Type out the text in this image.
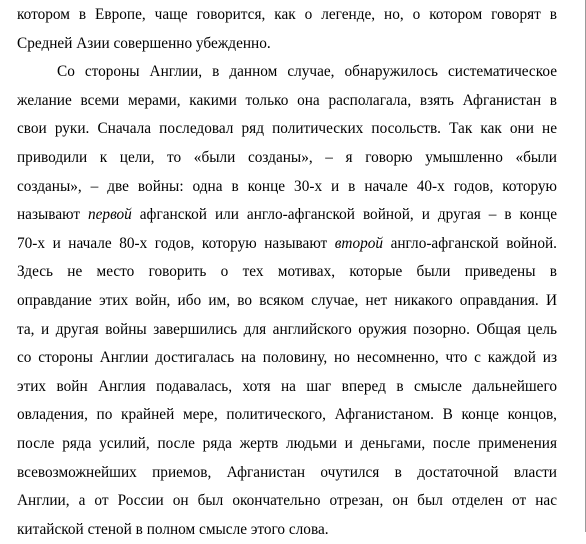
котором в Европе, чаще говорится, как о легенде, но, о котором говорят в
Средней Азии совершенно убежденно.
Со стороны Англии, в данном случае, обнаружилось систематическое
желание всеми мерами, какими только она располагала, взять Афганистан в
свои руки. Сначала последовал ряд политических посольств. Так как они не
приводили к цели, то «были созданы», – я говорю умышленно «были
созданы», – две войны: одна в конце 30-х и в начале 40-х годов, которую
называют первой афганской или англо-афганской войной, и другая – в конце
70-х и начале 80-х годов, которую называют второй англо-афганской войной.
Здесь не место говорить о тех мотивах, которые были приведены в
оправдание этих войн, ибо им, во всяком случае, нет никакого оправдания. И
та, и другая войны завершились для английского оружия позорно. Общая цель
со стороны Англии достигалась на половину, но несомненно, что с каждой из
этих войн Англия подавалась, хотя на шаг вперед в смысле дальнейшего
овладения, по крайней мере, политического, Афганистаном. В конце концов,
после ряда усилий, после ряда жертв людьми и деньгами, после применения
всевозможнейших приемов, Афганистан очутился в достаточной власти
Англии, а от России он был окончательно отрезан, он был отделен от нас
китайской стеной в полном смысле этого слова.
